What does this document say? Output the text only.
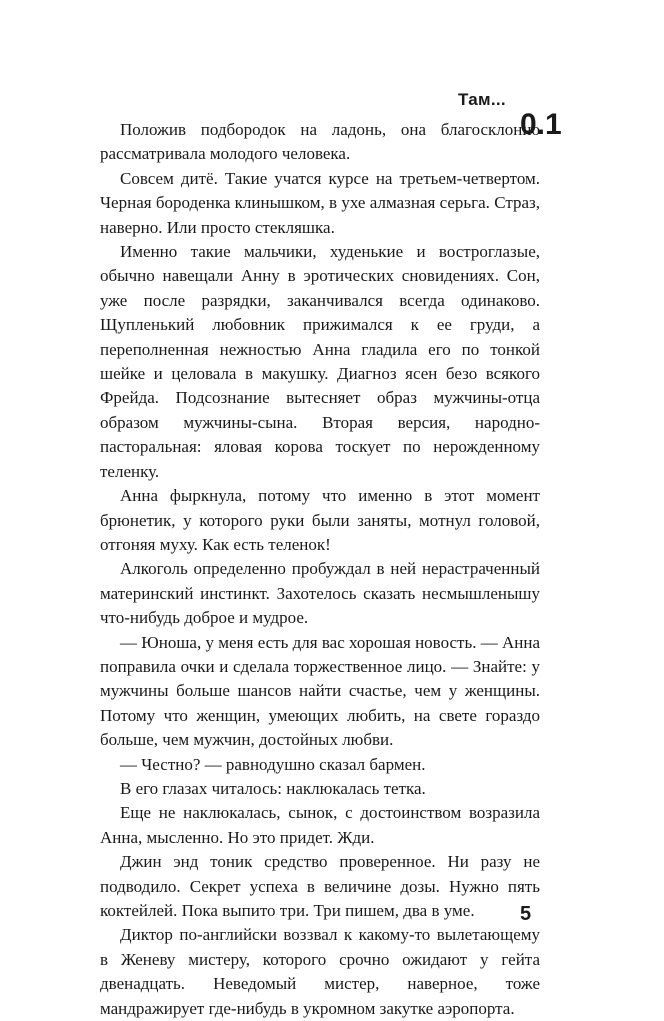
Там...
0.1

Положив подбородок на ладонь, она благосклонно рассматривала молодого человека.

Совсем дитё. Такие учатся курсе на третьем-четвертом. Черная бороденка клинышком, в ухе алмазная серьга. Страз, наверно. Или просто стекляшка.

Именно такие мальчики, худенькие и востроглазые, обычно навещали Анну в эротических сновидениях. Сон, уже после разрядки, заканчивался всегда одинаково. Щупленький любовник прижимался к ее груди, а переполненная нежностью Анна гладила его по тонкой шейке и целовала в макушку. Диагноз ясен безо всякого Фрейда. Подсознание вытесняет образ мужчины-отца образом мужчины-сына. Вторая версия, народно-пасторальная: яловая корова тоскует по нерожденному теленку.

Анна фыркнула, потому что именно в этот момент брюнетик, у которого руки были заняты, мотнул головой, отгоняя муху. Как есть теленок!

Алкоголь определенно пробуждал в ней нерастраченный материнский инстинкт. Захотелось сказать несмышленышу что-нибудь доброе и мудрое.

— Юноша, у меня есть для вас хорошая новость. — Анна поправила очки и сделала торжественное лицо. — Знайте: у мужчины больше шансов найти счастье, чем у женщины. Потому что женщин, умеющих любить, на свете гораздо больше, чем мужчин, достойных любви.

— Честно? — равнодушно сказал бармен.

В его глазах читалось: наклюкалась тетка.

Еще не наклюкалась, сынок, с достоинством возразила Анна, мысленно. Но это придет. Жди.

Джин энд тоник средство проверенное. Ни разу не подводило. Секрет успеха в величине дозы. Нужно пять коктейлей. Пока выпито три. Три пишем, два в уме.

Диктор по-английски воззвал к какому-то вылетающему в Женеву мистеру, которого срочно ожидают у гейта двенадцать. Неведомый мистер, наверное, тоже мандражирует где-нибудь в укромном закутке аэропорта.

5
